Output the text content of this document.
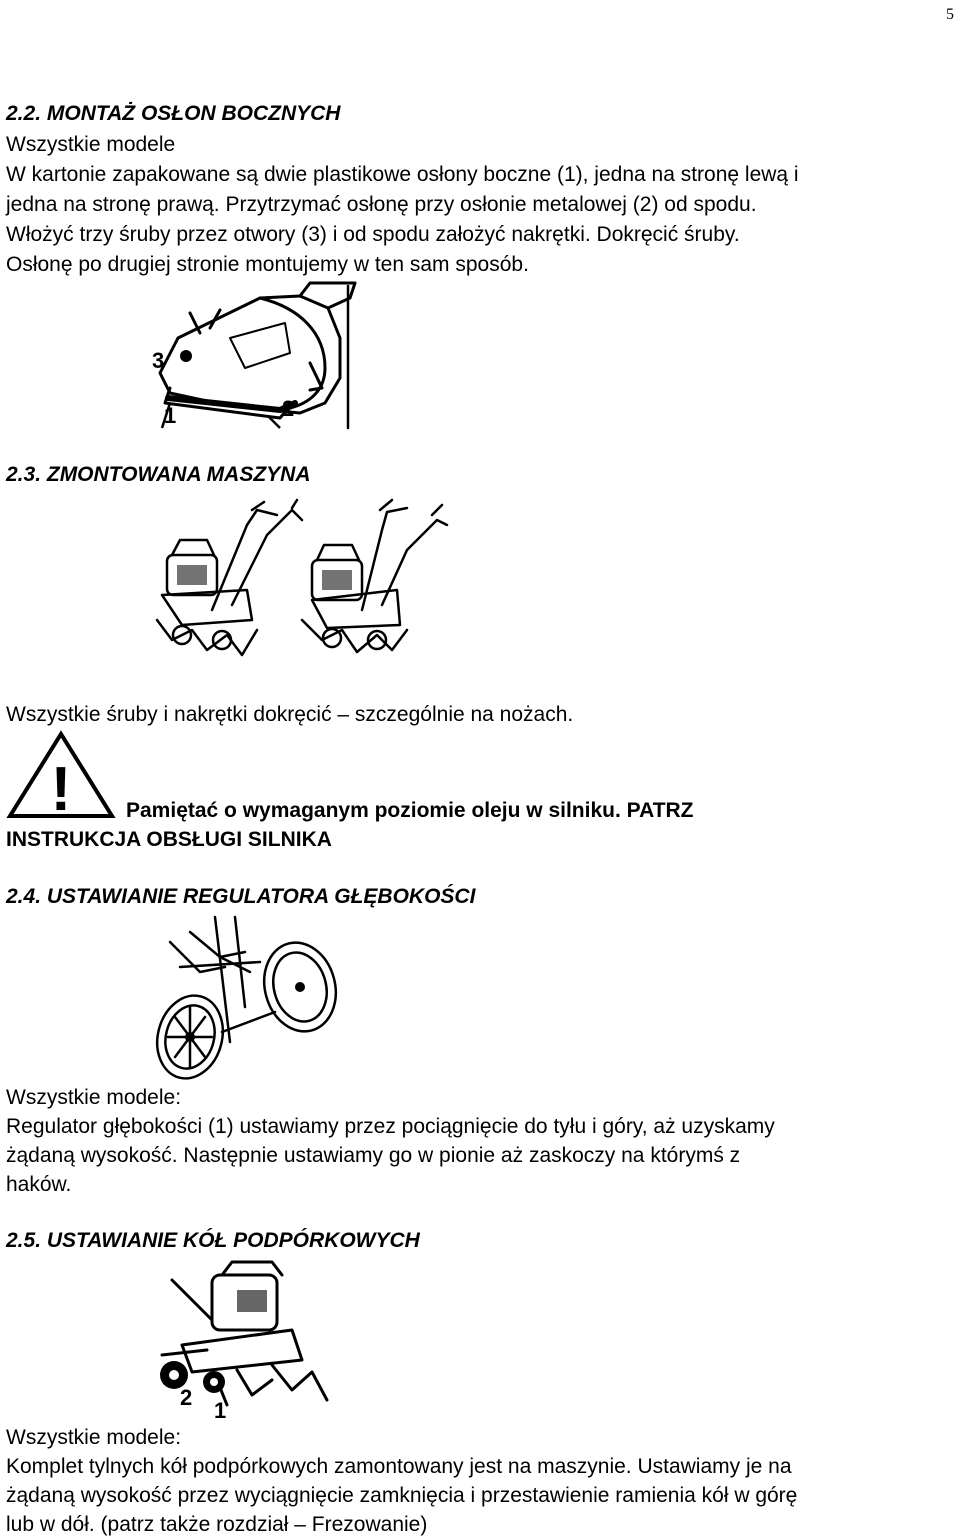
5
2.2. MONTAŻ OSŁON BOCZNYCH
Wszystkie modele
W kartonie zapakowane są dwie plastikowe osłony boczne (1), jedna na stronę lewą i
jedna na stronę prawą. Przytrzymać osłonę przy osłonie metalowej (2) od spodu.
Włożyć trzy śruby przez otwory (3) i od spodu założyć nakrętki. Dokręcić śruby.
Osłonę po drugiej stronie montujemy w ten sam sposób.
3
1	2
2.3. ZMONTOWANA MASZYNA
Wszystkie śruby i nakrętki dokręcić – szczególnie na nożach.
!	Pamiętać o wymaganym poziomie oleju w silniku. PATRZ
INSTRUKCJA OBSŁUGI SILNIKA
2.4. USTAWIANIE REGULATORA GŁĘBOKOŚCI
Wszystkie modele:
Regulator głębokości (1) ustawiamy przez pociągnięcie do tyłu i góry, aż uzyskamy
żądaną wysokość. Następnie ustawiamy go w pionie aż zaskoczy na którymś z
haków.
2.5. USTAWIANIE KÓŁ PODPÓRKOWYCH
2
1
Wszystkie modele:
Komplet tylnych kół podpórkowych zamontowany jest na maszynie. Ustawiamy je na
żądaną wysokość przez wyciągnięcie zamknięcia i przestawienie ramienia kół w górę
lub w dół. (patrz także rozdział – Frezowanie)
